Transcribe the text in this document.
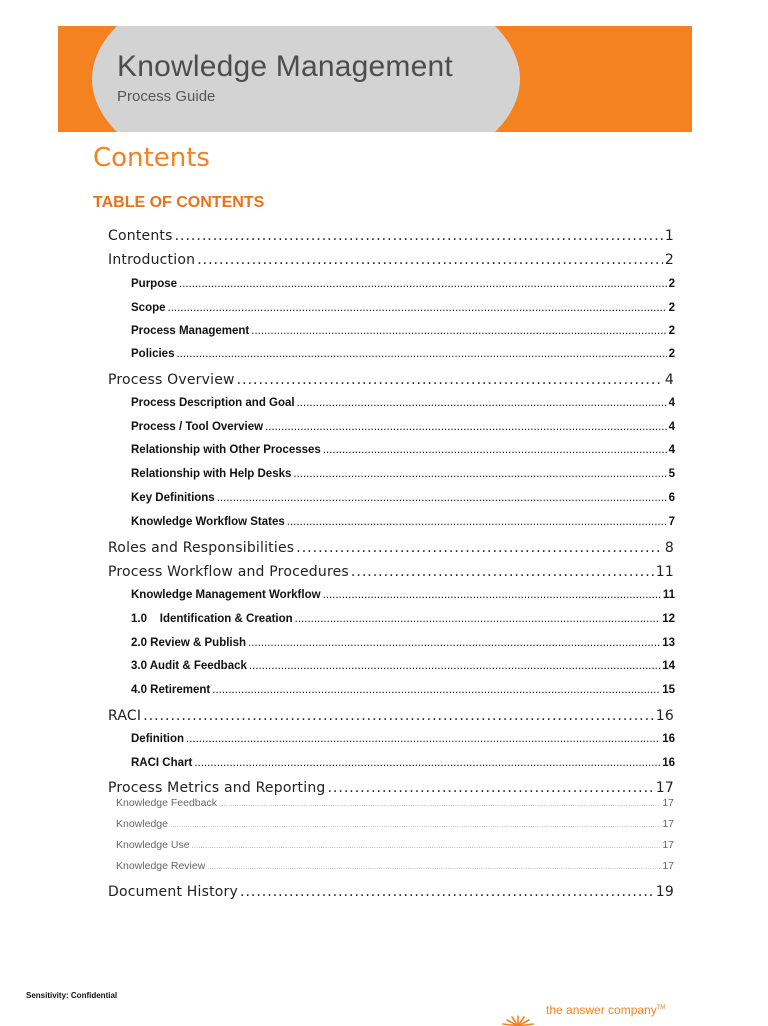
Knowledge Management
Process Guide
Contents
TABLE OF CONTENTS
Contents .....	1
Introduction .....	2
Purpose .....	2
Scope .....	2
Process Management .....	2
Policies .....	2
Process Overview .....	4
Process Description and Goal .....	4
Process / Tool Overview .....	4
Relationship with Other Processes .....	4
Relationship with Help Desks .....	5
Key Definitions .....	6
Knowledge Workflow States .....	7
Roles and Responsibilities .....	8
Process Workflow and Procedures .....	11
Knowledge Management Workflow .....	11
1.0    Identification & Creation .....	12
2.0 Review & Publish .....	13
3.0 Audit & Feedback .....	14
4.0 Retirement .....	15
RACI .....	16
Definition .....	16
RACI Chart .....	16
Process Metrics and Reporting .....	17
Knowledge Feedback .....	17
Knowledge .....	17
Knowledge Use .....	17
Knowledge Review .....	17
Document History .....	19
Sensitivity: Confidential
the answer company™
